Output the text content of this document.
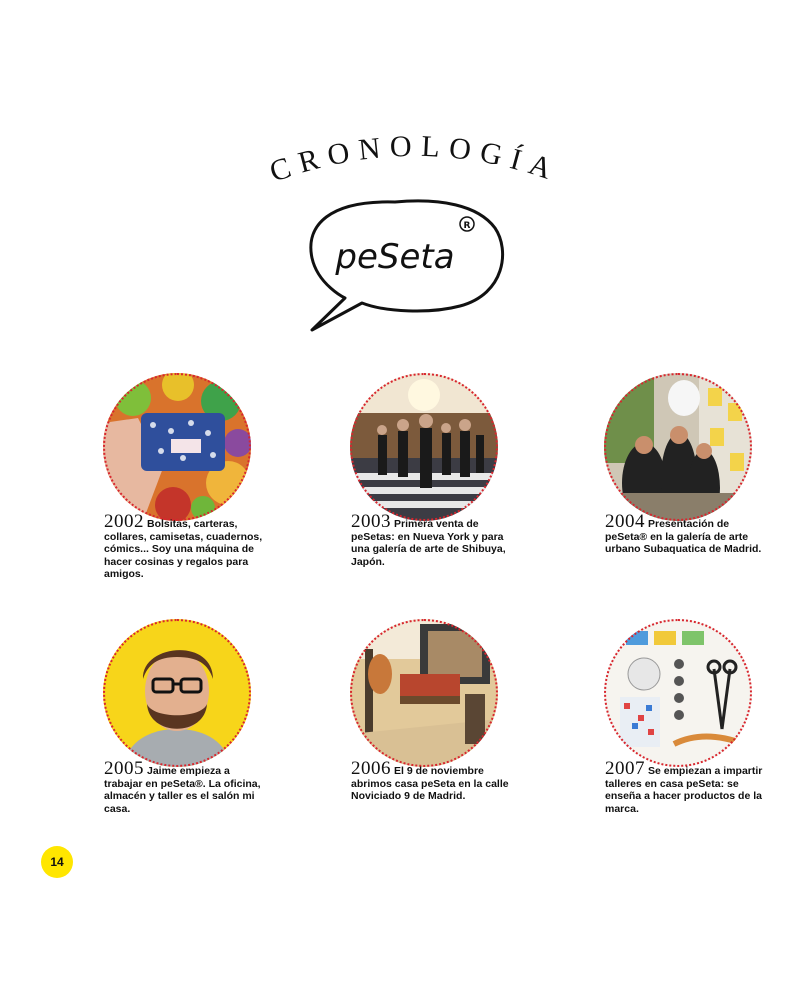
CRONOLOGÍA
peSeta
R
2002 Bolsitas, carteras, collares, camisetas, cuadernos, cómics... Soy una máquina de hacer cosinas y regalos para amigos.
2003 Primera venta de peSetas: en Nueva York y para una galería de arte de Shibuya, Japón.
2004 Presentación de peSeta® en la galería de arte urbano Subaquatica de Madrid.
2005 Jaime empieza a trabajar en peSeta®. La oficina, almacén y taller es el salón mi casa.
2006 El 9 de noviembre abrimos casa peSeta en la calle Noviciado 9 de Madrid.
2007 Se empiezan a impartir talleres en casa peSeta: se enseña a hacer productos de la marca.
14
